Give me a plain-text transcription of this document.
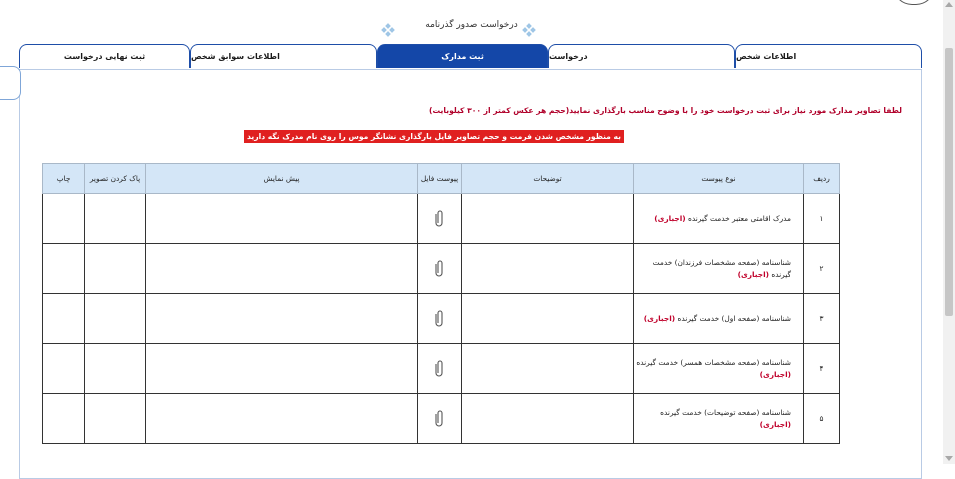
درخواست صدور گذرنامه
اطلاعات شخص
درخواست
ثبت مدارک
اطلاعات سوابق شخص
ثبت نهایی درخواست
لطفا تصاویر مدارک مورد نیاز برای ثبت درخواست خود را با وضوح مناسب بارگذاری نمایید(حجم هر عکس کمتر از ۳۰۰ کیلوبایت)
به منظور مشخص شدن فرمت و حجم تصاویر فایل بارگذاری نشانگر موس را روی نام مدرک نگه دارید
ردیف	نوع پیوست	توضیحات	پیوست فایل	پیش نمایش	پاک کردن تصویر	چاپ
۱	مدرک اقامتی معتبر خدمت گیرنده (اجباری)					
۲	شناسنامه (صفحه مشخصات فرزندان) خدمت گیرنده (اجباری)					
۳	شناسنامه (صفحه اول) خدمت گیرنده (اجباری)					
۴	شناسنامه (صفحه مشخصات همسر) خدمت گیرنده (اجباری)					
۵	شناسنامه (صفحه توضیحات) خدمت گیرنده (اجباری)					
